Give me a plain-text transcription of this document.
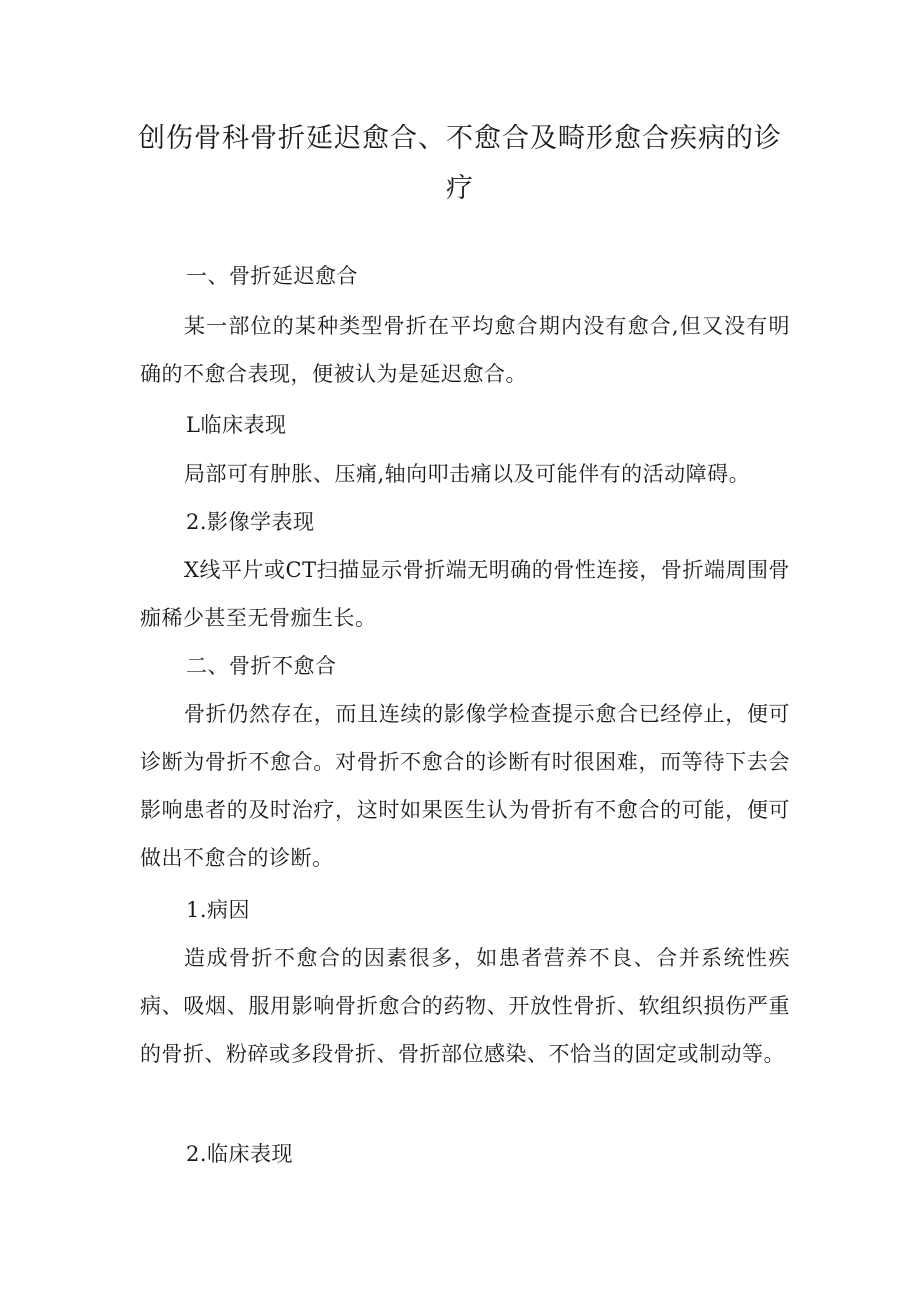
创伤骨科骨折延迟愈合、不愈合及畸形愈合疾病的诊
疗

一、骨折延迟愈合

某一部位的某种类型骨折在平均愈合期内没有愈合,但又没有明确的不愈合表现，便被认为是延迟愈合。

L临床表现

局部可有肿胀、压痛,轴向叩击痛以及可能伴有的活动障碍。

2.影像学表现

X线平片或CT扫描显示骨折端无明确的骨性连接，骨折端周围骨痂稀少甚至无骨痂生长。

二、骨折不愈合

骨折仍然存在，而且连续的影像学检查提示愈合已经停止，便可诊断为骨折不愈合。对骨折不愈合的诊断有时很困难，而等待下去会影响患者的及时治疗，这时如果医生认为骨折有不愈合的可能，便可做出不愈合的诊断。

1.病因

造成骨折不愈合的因素很多，如患者营养不良、合并系统性疾病、吸烟、服用影响骨折愈合的药物、开放性骨折、软组织损伤严重的骨折、粉碎或多段骨折、骨折部位感染、不恰当的固定或制动等。

2.临床表现
